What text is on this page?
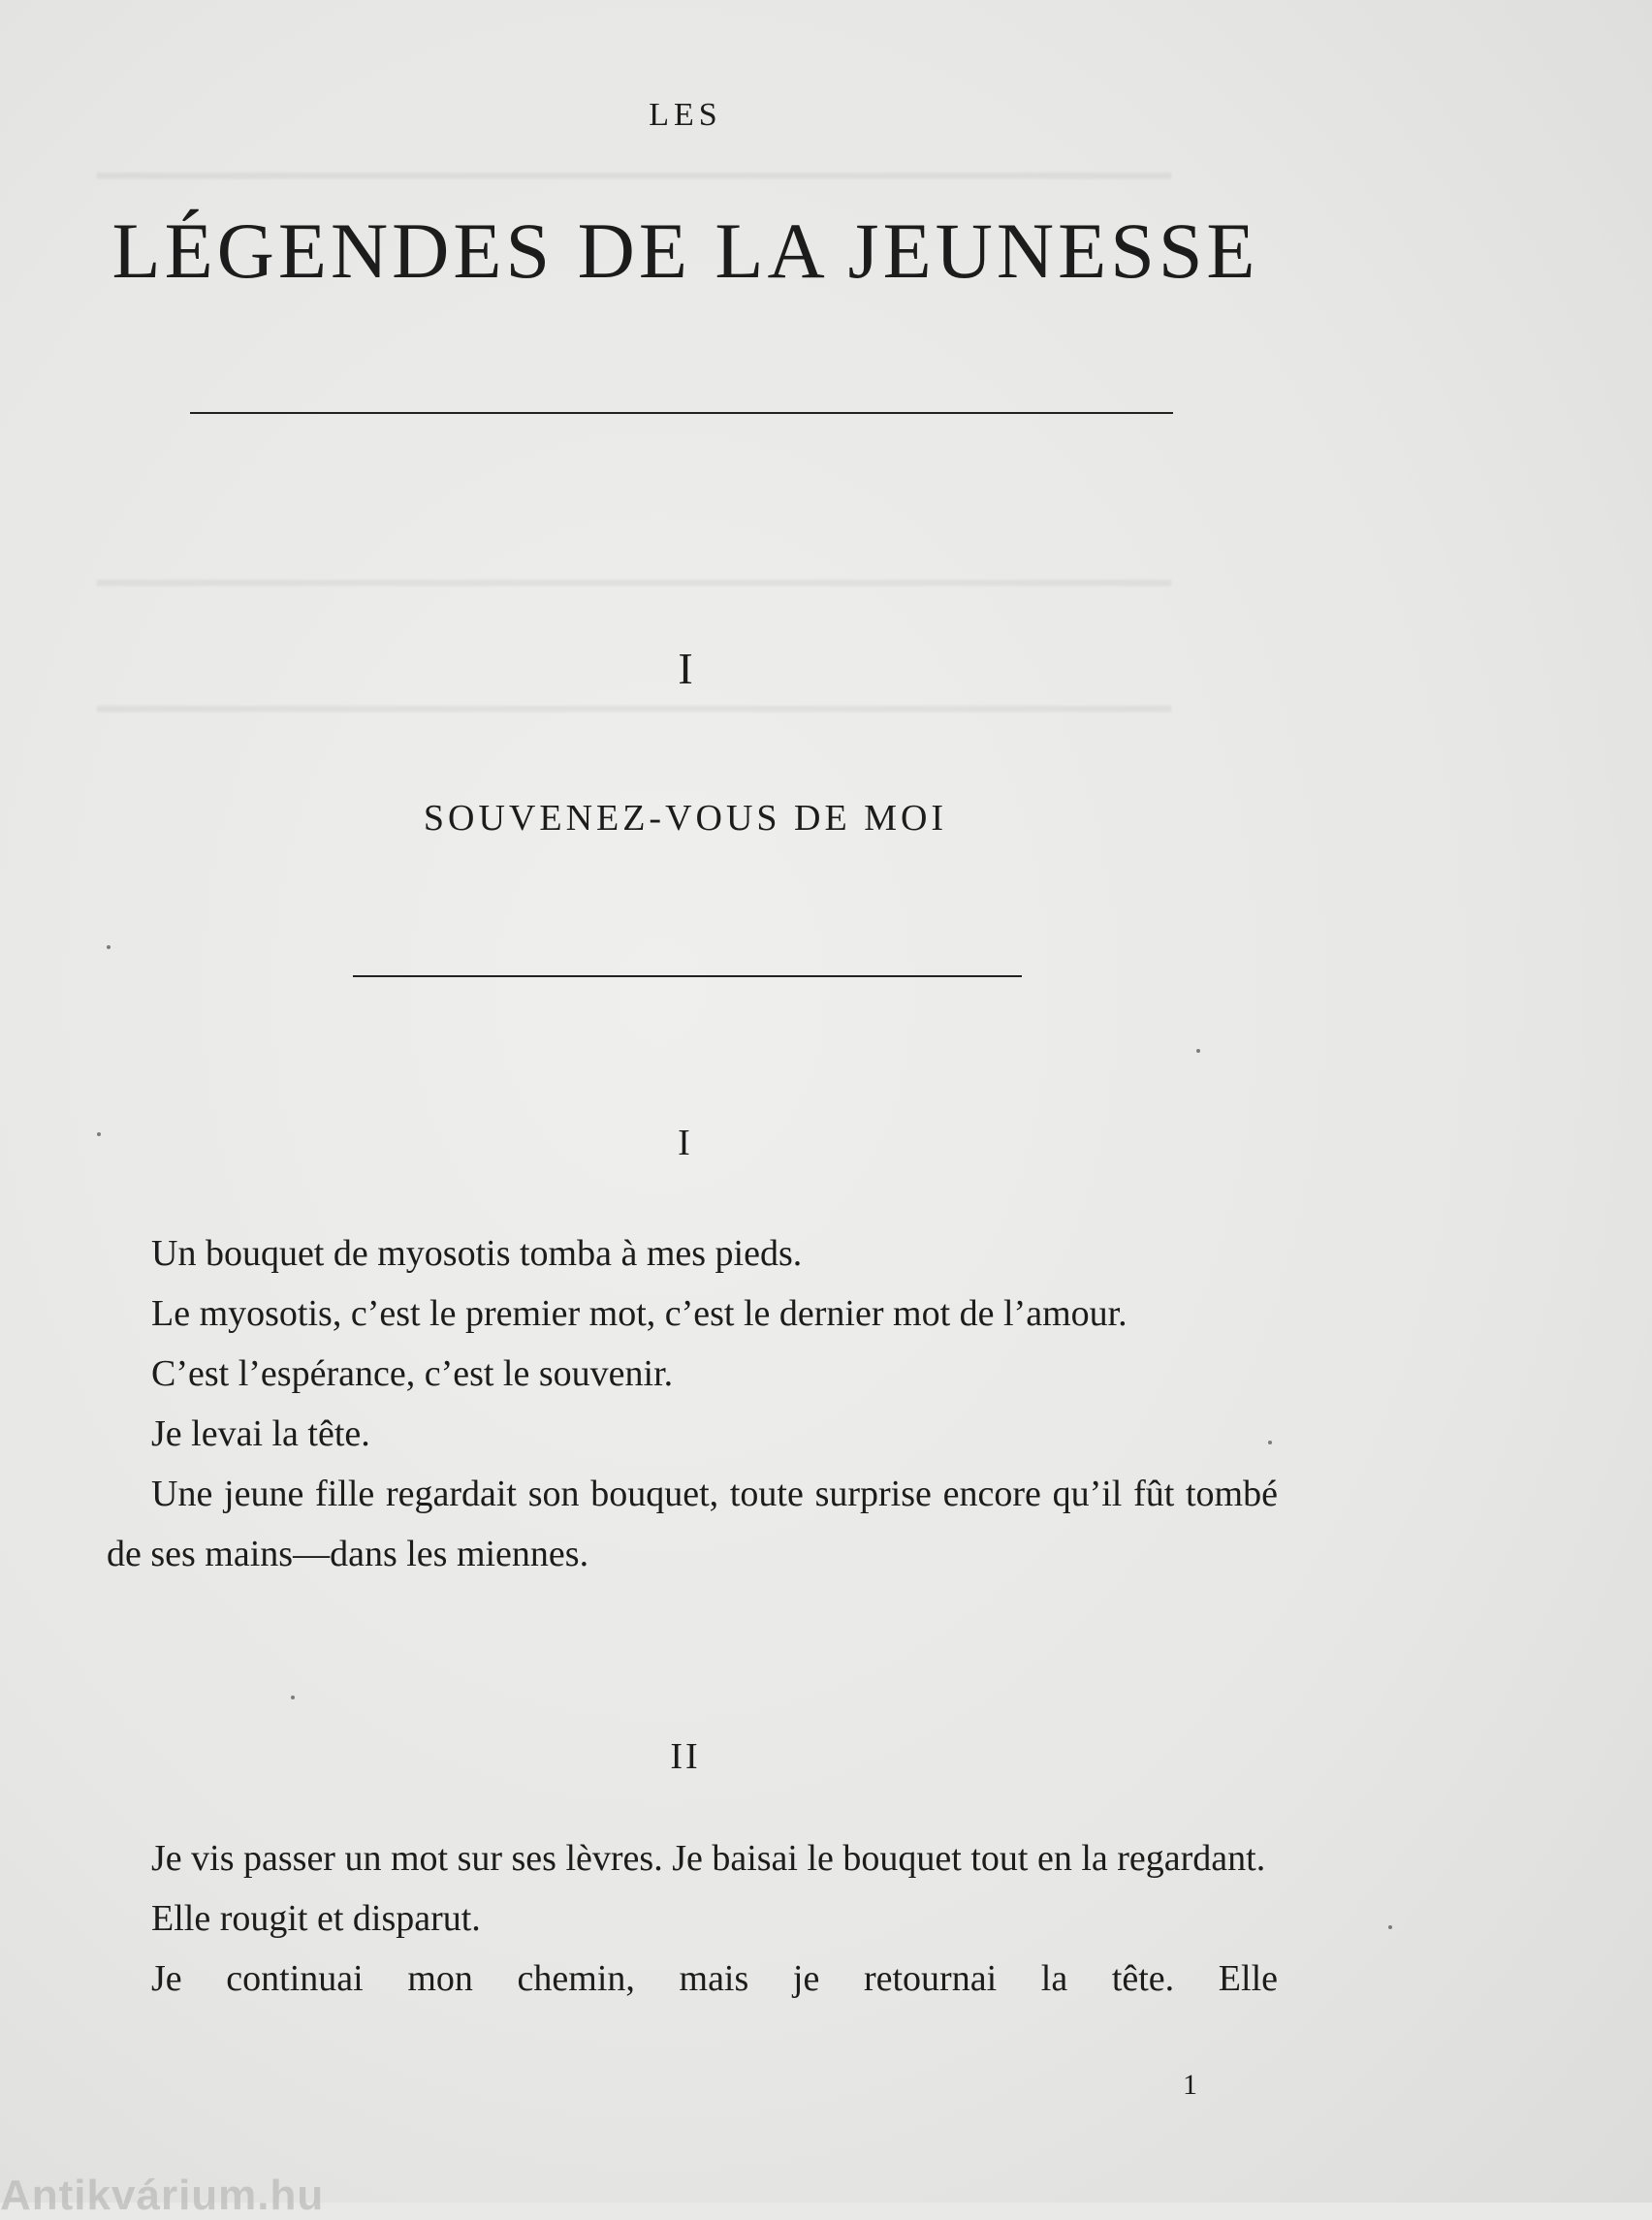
━━━━━━━━━━━━━━━━━━━━━━━━━━━━━━━━━━━━━━━━━━━━━━
━━━━━━━━━━━━━━━━━━━━━━━━━━━━━━━━━━━━━━━━━━━━━━
━━━━━━━━━━━━━━━━━━━━━━━━━━━━━━━━━━━━━━━━━━━━━━
LES
LÉGENDES DE LA JEUNESSE
I
SOUVENEZ-VOUS DE MOI
I

Un bouquet de myosotis tomba à mes pieds.

Le myosotis, c’est le premier mot, c’est le dernier mot de l’amour.

C’est l’espérance, c’est le souvenir.

Je levai la tête.

Une jeune fille regardait son bouquet, toute surprise encore qu’il fût tombé de ses mains—dans les miennes.

II

Je vis passer un mot sur ses lèvres. Je baisai le bouquet tout en la regardant.

Elle rougit et disparut.

Je continuai mon chemin, mais je retournai la tête. Elle

1
Antikvárium.hu
